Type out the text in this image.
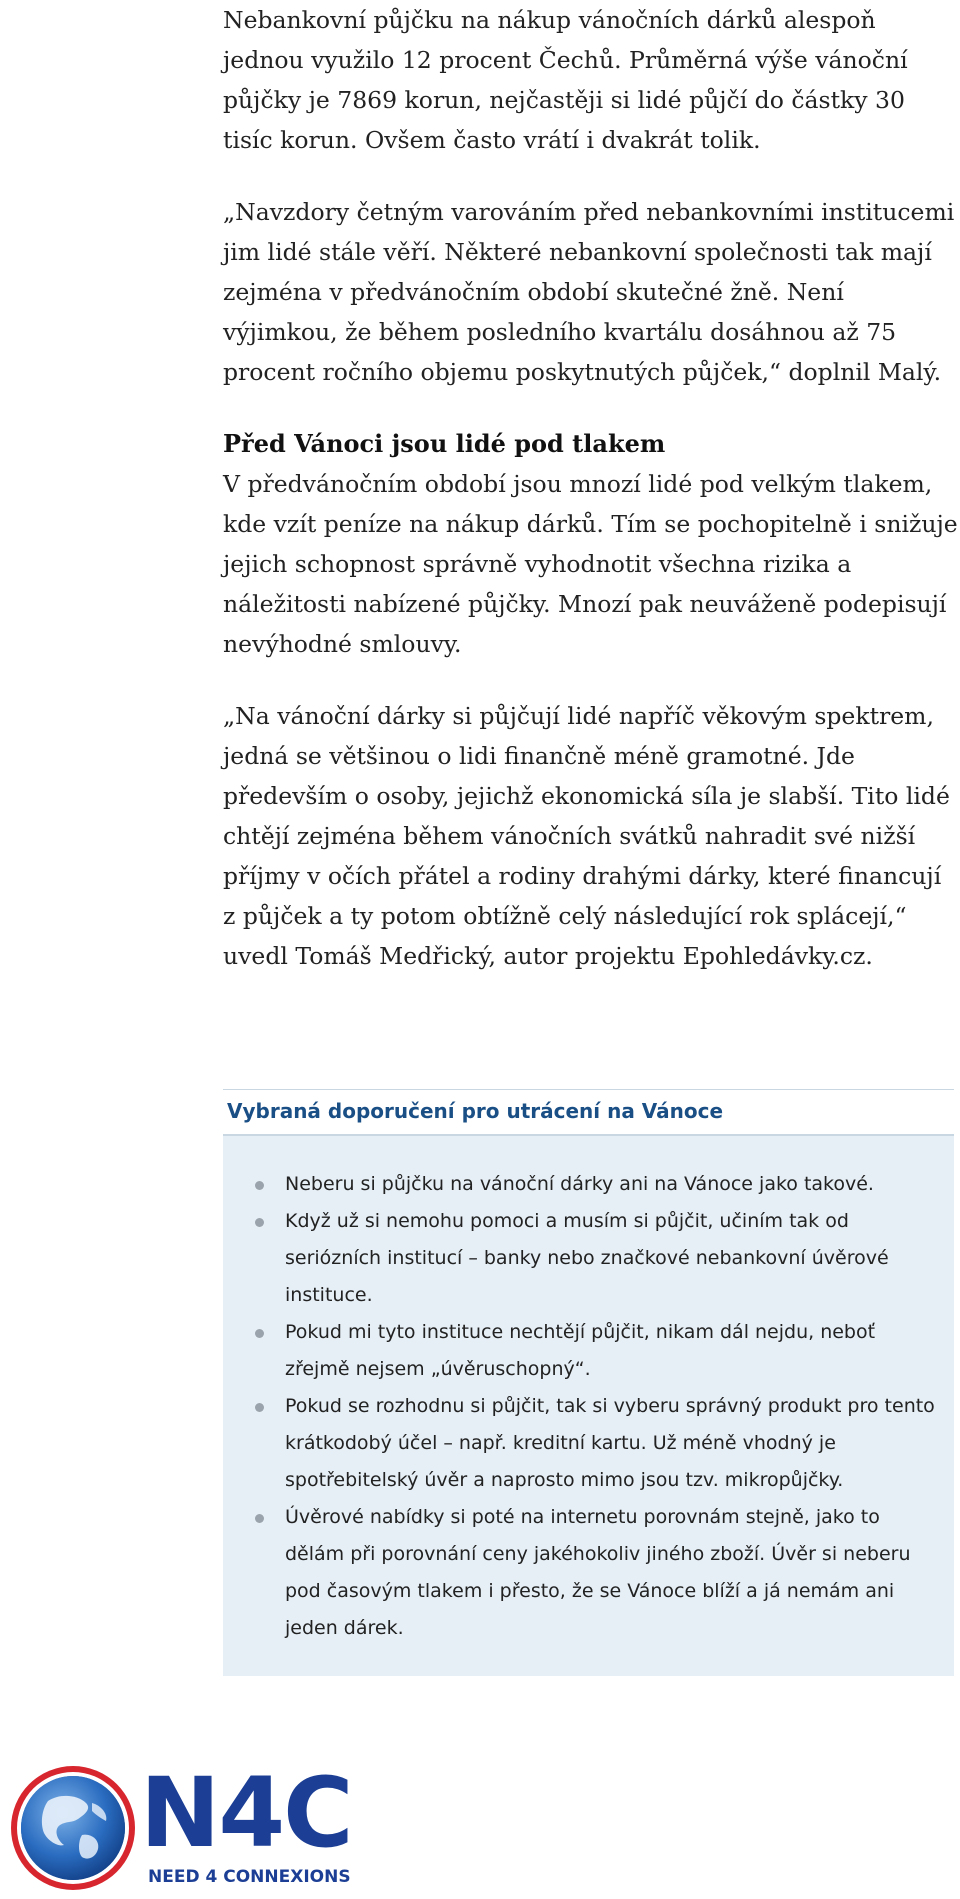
Nebankovní půjčku na nákup vánočních dárků alespoň jednou využilo 12 procent Čechů. Průměrná výše vánoční půjčky je 7869 korun, nejčastěji si lidé půjčí do částky 30 tisíc korun. Ovšem často vrátí i dvakrát tolik.

„Navzdory četným varováním před nebankovními institucemi jim lidé stále věří. Některé nebankovní společnosti tak mají zejména v předvánočním období skutečné žně. Není výjimkou, že během posledního kvartálu dosáhnou až 75 procent ročního objemu poskytnutých půjček,“ doplnil Malý.

Před Vánoci jsou lidé pod tlakem

V předvánočním období jsou mnozí lidé pod velkým tlakem, kde vzít peníze na nákup dárků. Tím se pochopitelně i snižuje jejich schopnost správně vyhodnotit všechna rizika a náležitosti nabízené půjčky. Mnozí pak neuváženě podepisují nevýhodné smlouvy.

„Na vánoční dárky si půjčují lidé napříč věkovým spektrem, jedná se většinou o lidi finančně méně gramotné. Jde především o osoby, jejichž ekonomická síla je slabší. Tito lidé chtějí zejména během vánočních svátků nahradit své nižší příjmy v očích přátel a rodiny drahými dárky, které financují z půjček a ty potom obtížně celý následující rok splácejí,“ uvedl Tomáš Medřický, autor projektu Epohledávky.cz.

Vybraná doporučení pro utrácení na Vánoce
Neberu si půjčku na vánoční dárky ani na Vánoce jako takové.
Když už si nemohu pomoci a musím si půjčit, učiním tak od seriózních institucí – banky nebo značkové nebankovní úvěrové instituce.
Pokud mi tyto instituce nechtějí půjčit, nikam dál nejdu, neboť zřejmě nejsem „úvěruschopný“.
Pokud se rozhodnu si půjčit, tak si vyberu správný produkt pro tento krátkodobý účel – např. kreditní kartu. Už méně vhodný je spotřebitelský úvěr a naprosto mimo jsou tzv. mikropůjčky.
Úvěrové nabídky si poté na internetu porovnám stejně, jako to dělám při porovnání ceny jakéhokoliv jiného zboží. Úvěr si neberu pod časovým tlakem i přesto, že se Vánoce blíží a já nemám ani jeden dárek.
N4C
NEED 4 CONNEXIONS
